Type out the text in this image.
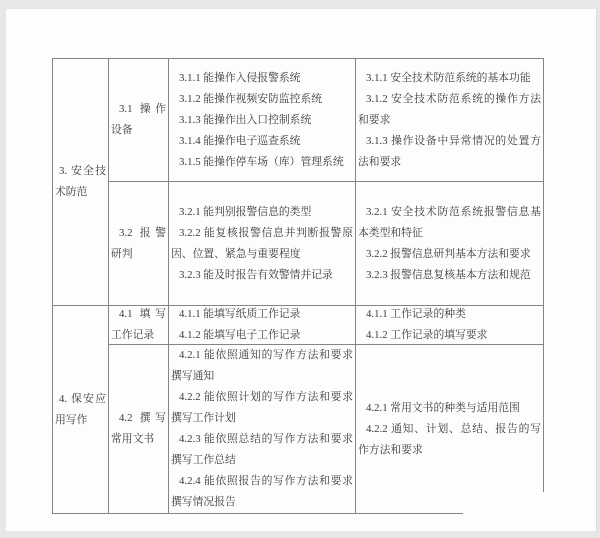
3. 安全技术防范

3.1 操作设备

3.1.1 能操作入侵报警系统

3.1.2 能操作视频安防监控系统

3.1.3 能操作出入口控制系统

3.1.4 能操作电子巡查系统

3.1.5 能操作停车场（库）管理系统

3.1.1 安全技术防范系统的基本功能

3.1.2 安全技术防范系统的操作方法和要求

3.1.3 操作设备中异常情况的处置方法和要求

3.2 报警研判

3.2.1 能判别报警信息的类型

3.2.2 能复核报警信息并判断报警原因、位置、紧急与重要程度

3.2.3 能及时报告有效警情并记录

3.2.1 安全技术防范系统报警信息基本类型和特征

3.2.2 报警信息研判基本方法和要求

3.2.3 报警信息复核基本方法和规范

4. 保安应用写作

4.1 填写工作记录

4.1.1 能填写纸质工作记录

4.1.2 能填写电子工作记录

4.1.1 工作记录的种类

4.1.2 工作记录的填写要求

4.2 撰写常用文书

4.2.1 能依照通知的写作方法和要求撰写通知

4.2.2 能依照计划的写作方法和要求撰写工作计划

4.2.3 能依照总结的写作方法和要求撰写工作总结

4.2.4 能依照报告的写作方法和要求撰写情况报告

4.2.1 常用文书的种类与适用范围

4.2.2 通知、计划、总结、报告的写作方法和要求
